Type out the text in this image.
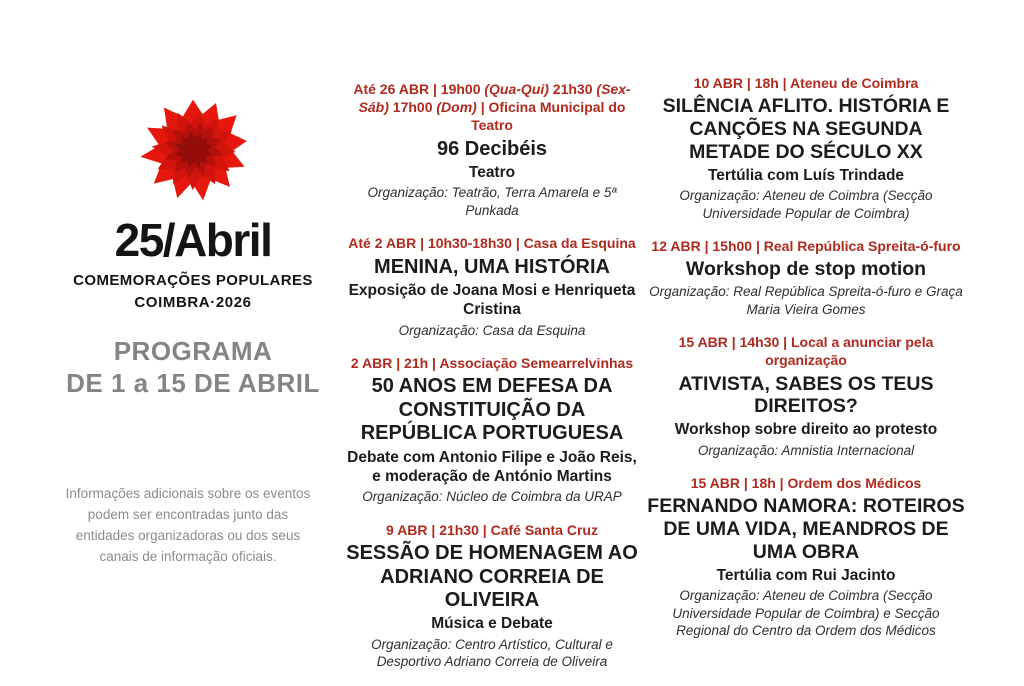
25/Abril
COMEMORAÇÕES POPULARES
COIMBRA·2026
PROGRAMA
DE 1 a 15 DE ABRIL
Informações adicionais sobre os eventos podem ser encontradas junto das entidades organizadoras ou dos seus canais de informação oficiais.
Até 26 ABR | 19h00 (Qua-Qui) 21h30 (Sex-Sáb) 17h00 (Dom) | Oficina Municipal do Teatro
96 Decibéis
Teatro
Organização: Teatrão, Terra Amarela e 5ª Punkada
Até 2 ABR | 10h30-18h30 | Casa da Esquina
MENINA, UMA HISTÓRIA
Exposição de Joana Mosi e Henriqueta Cristina
Organização: Casa da Esquina
2 ABR | 21h | Associação Semearrelvinhas
50 ANOS EM DEFESA DA CONSTITUIÇÃO DA REPÚBLICA PORTUGUESA
Debate com Antonio Filipe e João Reis, e moderação de António Martins
Organização: Núcleo de Coimbra da URAP
9 ABR | 21h30 | Café Santa Cruz
SESSÃO DE HOMENAGEM AO ADRIANO CORREIA DE OLIVEIRA
Música e Debate
Organização: Centro Artístico, Cultural e Desportivo Adriano Correia de Oliveira
10 ABR | 18h | Ateneu de Coimbra
SILÊNCIA AFLITO. HISTÓRIA E CANÇÕES NA SEGUNDA METADE DO SÉCULO XX
Tertúlia com Luís Trindade
Organização: Ateneu de Coimbra (Secção Universidade Popular de Coimbra)
12 ABR | 15h00 | Real República Spreita-ó-furo
Workshop de stop motion
Organização: Real República Spreita-ó-furo e Graça Maria Vieira Gomes
15 ABR | 14h30 | Local a anunciar pela organização
ATIVISTA, SABES OS TEUS DIREITOS?
Workshop sobre direito ao protesto
Organização: Amnistia Internacional
15 ABR | 18h | Ordem dos Médicos
FERNANDO NAMORA: ROTEIROS DE UMA VIDA, MEANDROS DE UMA OBRA
Tertúlia com Rui Jacinto
Organização: Ateneu de Coimbra (Secção Universidade Popular de Coimbra) e Secção Regional do Centro da Ordem dos Médicos
